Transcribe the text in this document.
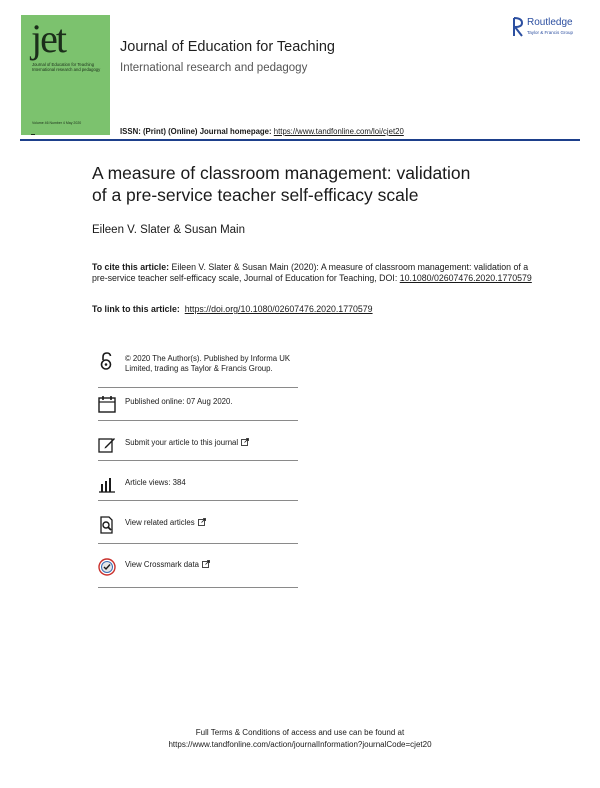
jet
Journal of Education for Teaching International research and pedagogy
Volume 46 Number 4 May 2020
Journal of Education for Teaching
International research and pedagogy
Routledge
Taylor & Francis Group
ISSN: (Print) (Online) Journal homepage: https://www.tandfonline.com/loi/cjet20
A measure of classroom management: validation
of a pre-service teacher self-efficacy scale
Eileen V. Slater & Susan Main
To cite this article: Eileen V. Slater & Susan Main (2020): A measure of classroom management: validation of a pre-service teacher self-efficacy scale, Journal of Education for Teaching, DOI: 10.1080/02607476.2020.1770579
To link to this article: https://doi.org/10.1080/02607476.2020.1770579
© 2020 The Author(s). Published by Informa UK Limited, trading as Taylor & Francis Group.
Published online: 07 Aug 2020.
Submit your article to this journal
Article views: 384
View related articles
View Crossmark data
Full Terms & Conditions of access and use can be found at
https://www.tandfonline.com/action/journalInformation?journalCode=cjet20
